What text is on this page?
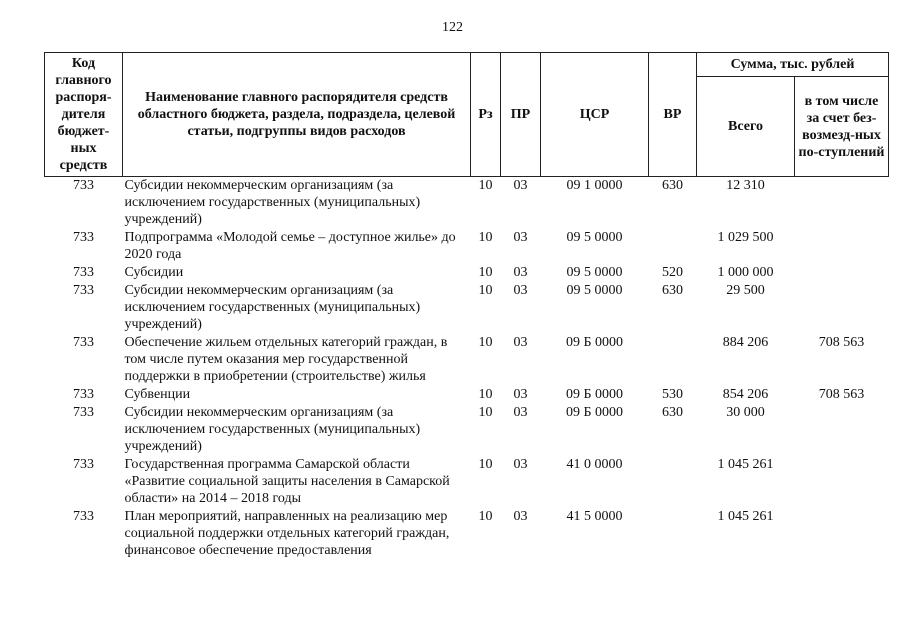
122
Код главного распоря-дителя бюджет-ных средств	Наименование главного распорядителя средств областного бюджета, раздела, подраздела, целевой статьи, подгруппы видов расходов	Рз	ПР	ЦСР	ВР	Сумма, тыс. рублей	
						Всего	в том числе за счет без-возмезд-ных по-ступлений
733	Субсидии некоммерческим организациям (за исключением государственных (муниципальных) учреждений)	10	03	09 1 0000	630	12 310	
733	Подпрограмма «Молодой семье – доступное жилье» до 2020 года	10	03	09 5 0000		1 029 500	
733	Субсидии	10	03	09 5 0000	520	1 000 000	
733	Субсидии некоммерческим организациям (за исключением государственных (муниципальных) учреждений)	10	03	09 5 0000	630	29 500	
733	Обеспечение жильем отдельных категорий граждан, в том числе путем оказания мер государственной поддержки в приобретении (строительстве) жилья	10	03	09 Б 0000		884 206	708 563
733	Субвенции	10	03	09 Б 0000	530	854 206	708 563
733	Субсидии некоммерческим организациям (за исключением государственных (муниципальных) учреждений)	10	03	09 Б 0000	630	30 000	
733	Государственная программа Самарской области «Развитие социальной защиты населения в Самарской области» на 2014 – 2018 годы	10	03	41 0 0000		1 045 261	
733	План мероприятий, направленных на реализацию мер социальной поддержки отдельных категорий граждан, финансовое обеспечение предоставления	10	03	41 5 0000		1 045 261	
